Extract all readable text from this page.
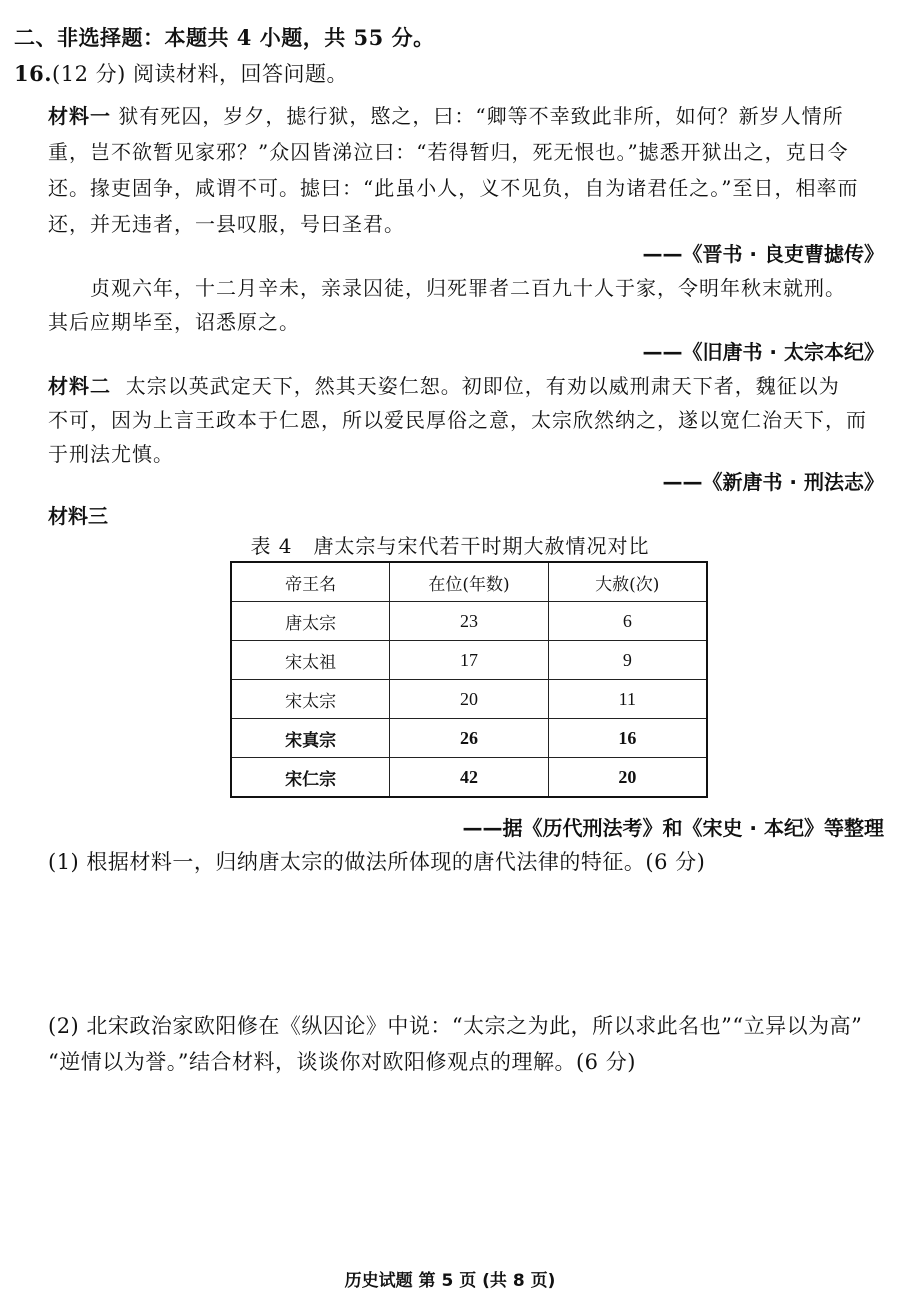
二、非选择题：本题共 4 小题，共 55 分。
16.(12 分) 阅读材料，回答问题。
材料一 狱有死囚，岁夕，摅行狱，愍之，曰：“卿等不幸致此非所，如何？新岁人情所
重，岂不欲暂见家邪？”众囚皆涕泣曰：“若得暂归，死无恨也。”摅悉开狱出之，克日令
还。掾吏固争，咸谓不可。摅曰：“此虽小人，义不见负，自为诸君任之。”至日，相率而
还，并无违者，一县叹服，号曰圣君。
——《晋书 · 良吏曹摅传》
贞观六年，十二月辛未，亲录囚徒，归死罪者二百九十人于家，令明年秋末就刑。
其后应期毕至，诏悉原之。
——《旧唐书 · 太宗本纪》
材料二 太宗以英武定天下，然其天姿仁恕。初即位，有劝以威刑肃天下者，魏征以为
不可，因为上言王政本于仁恩，所以爱民厚俗之意，太宗欣然纳之，遂以宽仁治天下，而
于刑法尤慎。
——《新唐书 · 刑法志》
材料三
表 4　唐太宗与宋代若干时期大赦情况对比
帝王名	在位(年数)	大赦(次)
唐太宗	23	6
宋太祖	17	9
宋太宗	20	11
宋真宗	26	16
宋仁宗	42	20
——据《历代刑法考》和《宋史 · 本纪》等整理
(1) 根据材料一，归纳唐太宗的做法所体现的唐代法律的特征。(6 分)
(2) 北宋政治家欧阳修在《纵囚论》中说：“太宗之为此，所以求此名也”“立异以为高”
“逆情以为誉。”结合材料，谈谈你对欧阳修观点的理解。(6 分)
历史试题 第 5 页 (共 8 页)
